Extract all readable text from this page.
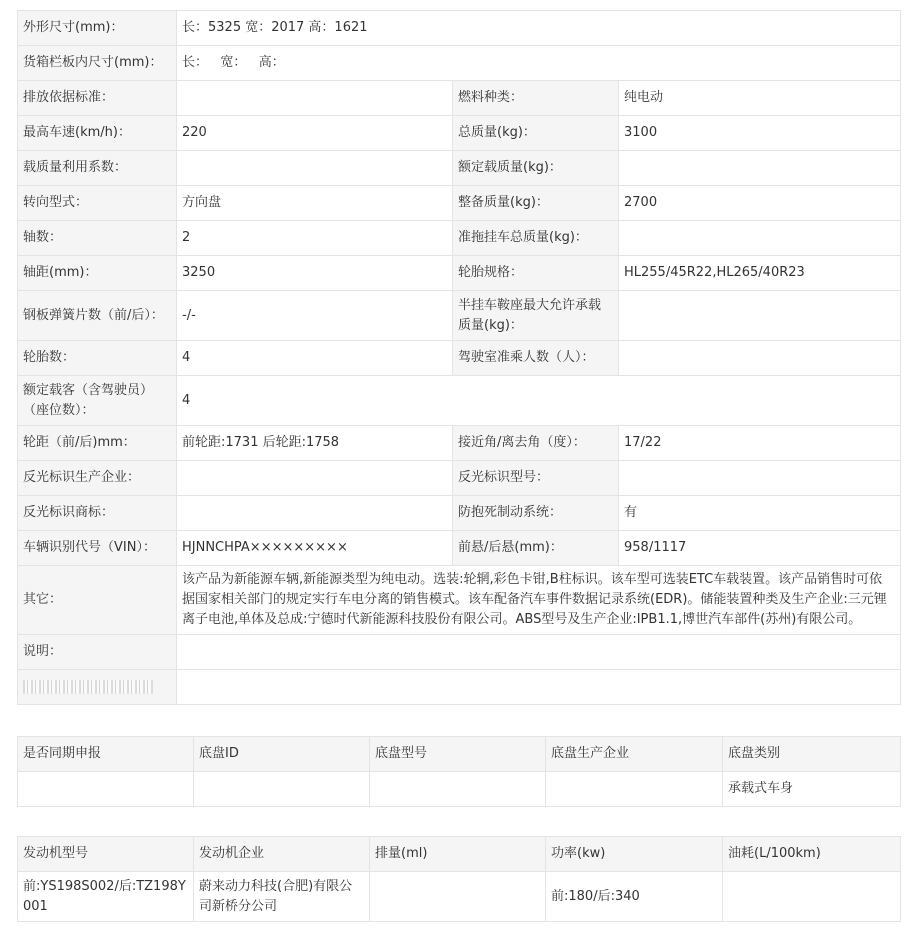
外形尺寸(mm)：	长：5325 宽：2017 高：1621		
货箱栏板内尺寸(mm)：	长：   宽：   高：		
排放依据标准：		燃料种类：	纯电动
最高车速(km/h)：	220	总质量(kg)：	3100
载质量利用系数：		额定载质量(kg)：	
转向型式：	方向盘	整备质量(kg)：	2700
轴数：	2	准拖挂车总质量(kg)：	
轴距(mm)：	3250	轮胎规格：	HL255/45R22,HL265/40R23
钢板弹簧片数（前/后）：	-/-	半挂车鞍座最大允许承载质量(kg)：	
轮胎数：	4	驾驶室准乘人数（人）：	
额定载客（含驾驶员）（座位数）：	4		
轮距（前/后)mm：	前轮距:1731 后轮距:1758	接近角/离去角（度）：	17/22
反光标识生产企业：		反光标识型号：	
反光标识商标：		防抱死制动系统：	有
车辆识别代号（VIN）：	HJNNCHPA×××××××××	前悬/后悬(mm)：	958/1117
其它：	该产品为新能源车辆,新能源类型为纯电动。选装:轮辋,彩色卡钳,B柱标识。该车型可选装ETC车载装置。该产品销售时可依据国家相关部门的规定实行车电分离的销售模式。该车配备汽车事件数据记录系统(EDR)。储能装置种类及生产企业:三元锂离子电池,单体及总成:宁德时代新能源科技股份有限公司。ABS型号及生产企业:IPB1.1,博世汽车部件(苏州)有限公司。		
说明：			

是否同期申报	底盘ID	底盘型号	底盘生产企业	底盘类别
				承载式车身
发动机型号	发动机企业	排量(ml)	功率(kw)	油耗(L/100km)
前:YS198S002/后:TZ198Y001	蔚来动力科技(合肥)有限公司新桥分公司		前:180/后:340	
